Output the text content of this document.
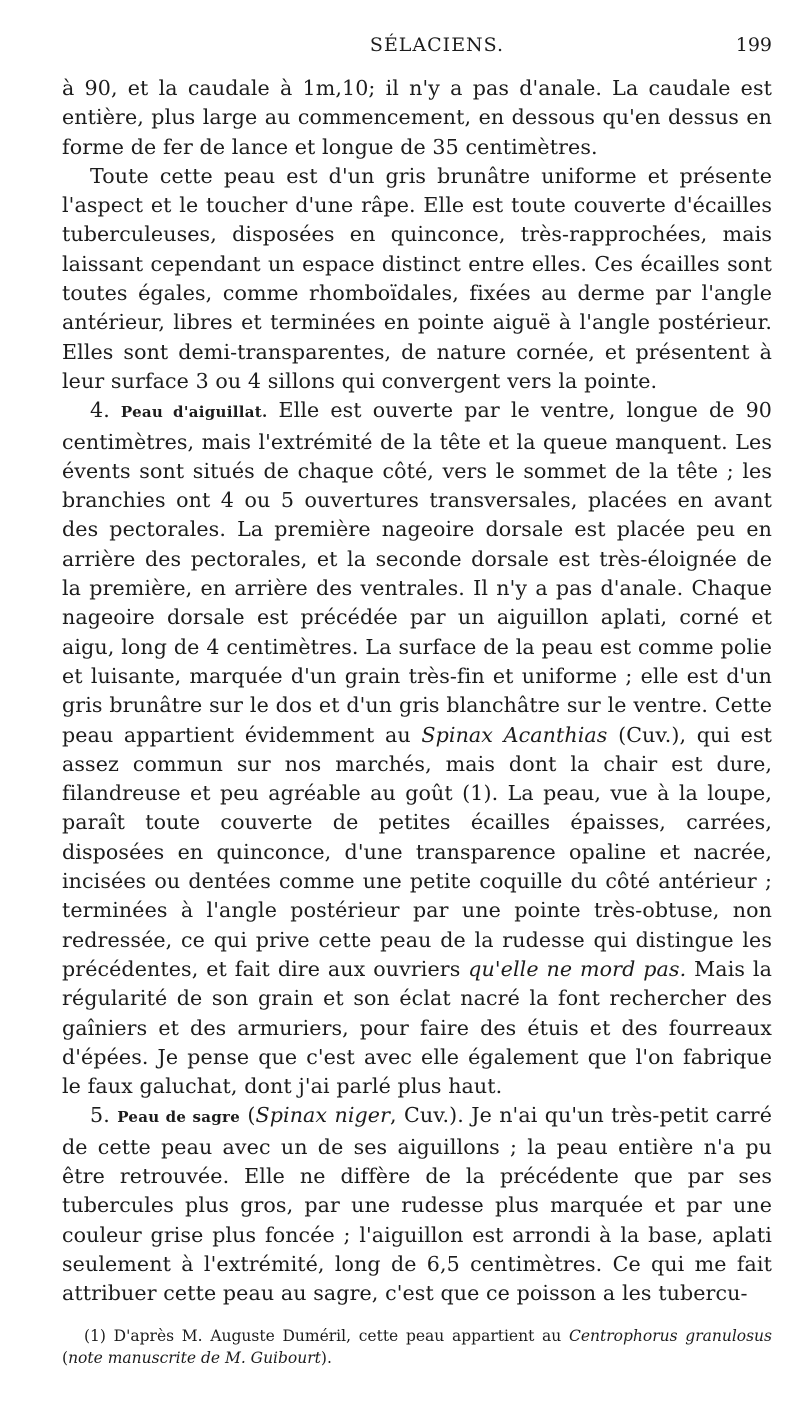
SÉLACIENS.	199

à 90, et la caudale à 1m,10; il n'y a pas d'anale. La caudale est entière, plus large au commencement, en dessous qu'en dessus en forme de fer de lance et longue de 35 centimètres.

Toute cette peau est d'un gris brunâtre uniforme et présente l'aspect et le toucher d'une râpe. Elle est toute couverte d'écailles tuberculeuses, disposées en quinconce, très-rapprochées, mais laissant cependant un espace distinct entre elles. Ces écailles sont toutes égales, comme rhomboïdales, fixées au derme par l'angle antérieur, libres et terminées en pointe aiguë à l'angle postérieur. Elles sont demi-transparentes, de nature cornée, et présentent à leur surface 3 ou 4 sillons qui convergent vers la pointe.

4. Peau d'aiguillat. Elle est ouverte par le ventre, longue de 90 centimètres, mais l'extrémité de la tête et la queue manquent. Les évents sont situés de chaque côté, vers le sommet de la tête ; les branchies ont 4 ou 5 ouvertures transversales, placées en avant des pectorales. La première nageoire dorsale est placée peu en arrière des pectorales, et la seconde dorsale est très-éloignée de la première, en arrière des ventrales. Il n'y a pas d'anale. Chaque nageoire dorsale est précédée par un aiguillon aplati, corné et aigu, long de 4 centimètres. La surface de la peau est comme polie et luisante, marquée d'un grain très-fin et uniforme ; elle est d'un gris brunâtre sur le dos et d'un gris blanchâtre sur le ventre. Cette peau appartient évidemment au Spinax Acanthias (Cuv.), qui est assez commun sur nos marchés, mais dont la chair est dure, filandreuse et peu agréable au goût (1). La peau, vue à la loupe, paraît toute couverte de petites écailles épaisses, carrées, disposées en quinconce, d'une transparence opaline et nacrée, incisées ou dentées comme une petite coquille du côté antérieur ; terminées à l'angle postérieur par une pointe très-obtuse, non redressée, ce qui prive cette peau de la rudesse qui distingue les précédentes, et fait dire aux ouvriers qu'elle ne mord pas. Mais la régularité de son grain et son éclat nacré la font rechercher des gaîniers et des armuriers, pour faire des étuis et des fourreaux d'épées. Je pense que c'est avec elle également que l'on fabrique le faux galuchat, dont j'ai parlé plus haut.

5. Peau de sagre (Spinax niger, Cuv.). Je n'ai qu'un très-petit carré de cette peau avec un de ses aiguillons ; la peau entière n'a pu être retrouvée. Elle ne diffère de la précédente que par ses tubercules plus gros, par une rudesse plus marquée et par une couleur grise plus foncée ; l'aiguillon est arrondi à la base, aplati seulement à l'extrémité, long de 6,5 centimètres. Ce qui me fait attribuer cette peau au sagre, c'est que ce poisson a les tubercu-

(1) D'après M. Auguste Duméril, cette peau appartient au Centrophorus granulosus (note manuscrite de M. Guibourt).
